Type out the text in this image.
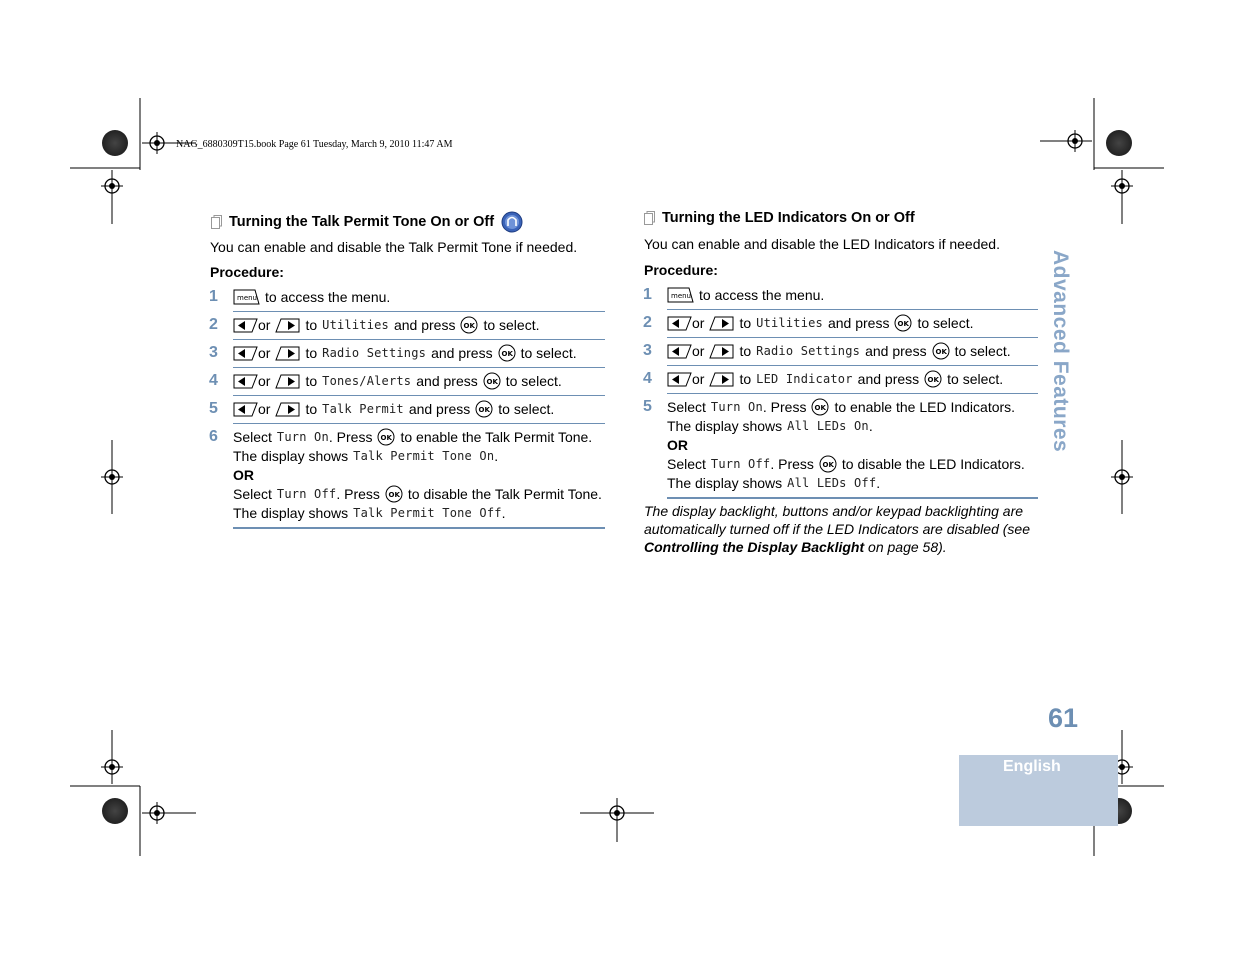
NAG_6880309T15.book Page 61 Tuesday, March 9, 2010 11:47 AM
Advanced Features
61
English
Turning the Talk Permit Tone On or Off
You can enable and disable the Talk Permit Tone if needed.
Procedure:
1	menu to access the menu.
2	or	to Utilities and press OK to select.
3	or	to Radio Settings and press OK to select.
4	or	to Tones/Alerts and press OK to select.
5	or	to Talk Permit and press OK to select.
6	Select Turn On . Press OK to enable the Talk Permit Tone.
The display shows Talk Permit Tone On .
OR
Select Turn Off . Press OK to disable the Talk Permit Tone.
The display shows Talk Permit Tone Off .
Turning the LED Indicators On or Off
You can enable and disable the LED Indicators if needed.
Procedure:
1	menu to access the menu.
2	or	to Utilities and press OK to select.
3	or	to Radio Settings and press OK to select.
4	or	to LED Indicator and press OK to select.
5	Select Turn On . Press OK to enable the LED Indicators.
The display shows All LEDs On .
OR
Select Turn Off . Press OK to disable the LED Indicators.
The display shows All LEDs Off .
The display backlight, buttons and/or keypad backlighting are automatically turned off if the LED Indicators are disabled (see Controlling the Display Backlight on page 58).
